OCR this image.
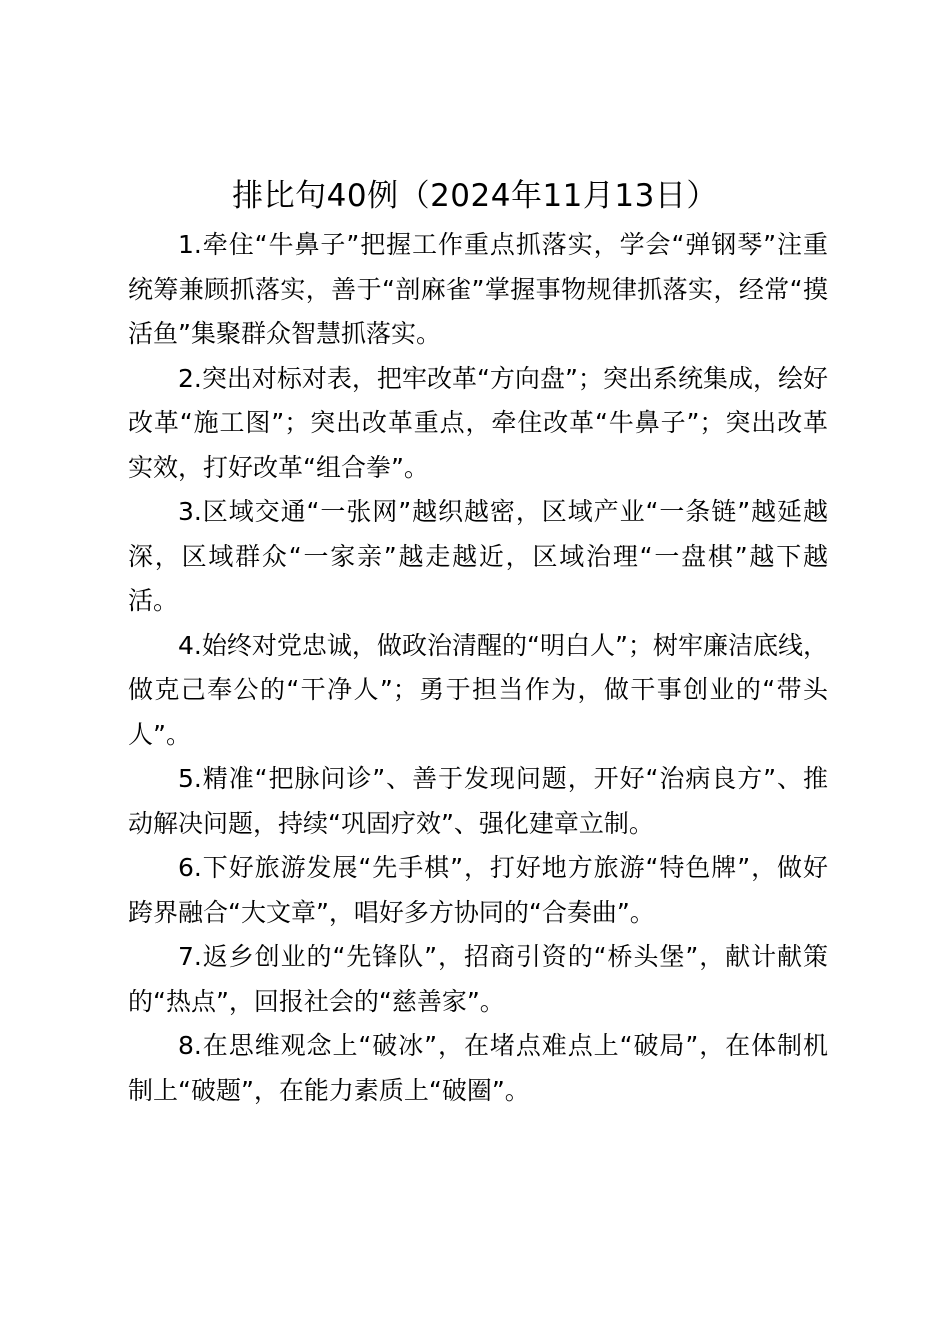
排比句40例（2024年11月13日）

1.牵住“牛鼻子”把握工作重点抓落实，学会“弹钢琴”注重统筹兼顾抓落实，善于“剖麻雀”掌握事物规律抓落实，经常“摸活鱼”集聚群众智慧抓落实。

2.突出对标对表，把牢改革“方向盘”；突出系统集成，绘好改革“施工图”；突出改革重点，牵住改革“牛鼻子”；突出改革实效，打好改革“组合拳”。

3.区域交通“一张网”越织越密，区域产业“一条链”越延越深，区域群众“一家亲”越走越近，区域治理“一盘棋”越下越活。

4.始终对党忠诚，做政治清醒的“明白人”；树牢廉洁底线，做克己奉公的“干净人”；勇于担当作为，做干事创业的“带头人”。

5.精准“把脉问诊”、善于发现问题，开好“治病良方”、推动解决问题，持续“巩固疗效”、强化建章立制。

6.下好旅游发展“先手棋”，打好地方旅游“特色牌”，做好跨界融合“大文章”，唱好多方协同的“合奏曲”。

7.返乡创业的“先锋队”，招商引资的“桥头堡”，献计献策的“热点”，回报社会的“慈善家”。

8.在思维观念上“破冰”，在堵点难点上“破局”，在体制机制上“破题”，在能力素质上“破圈”。
